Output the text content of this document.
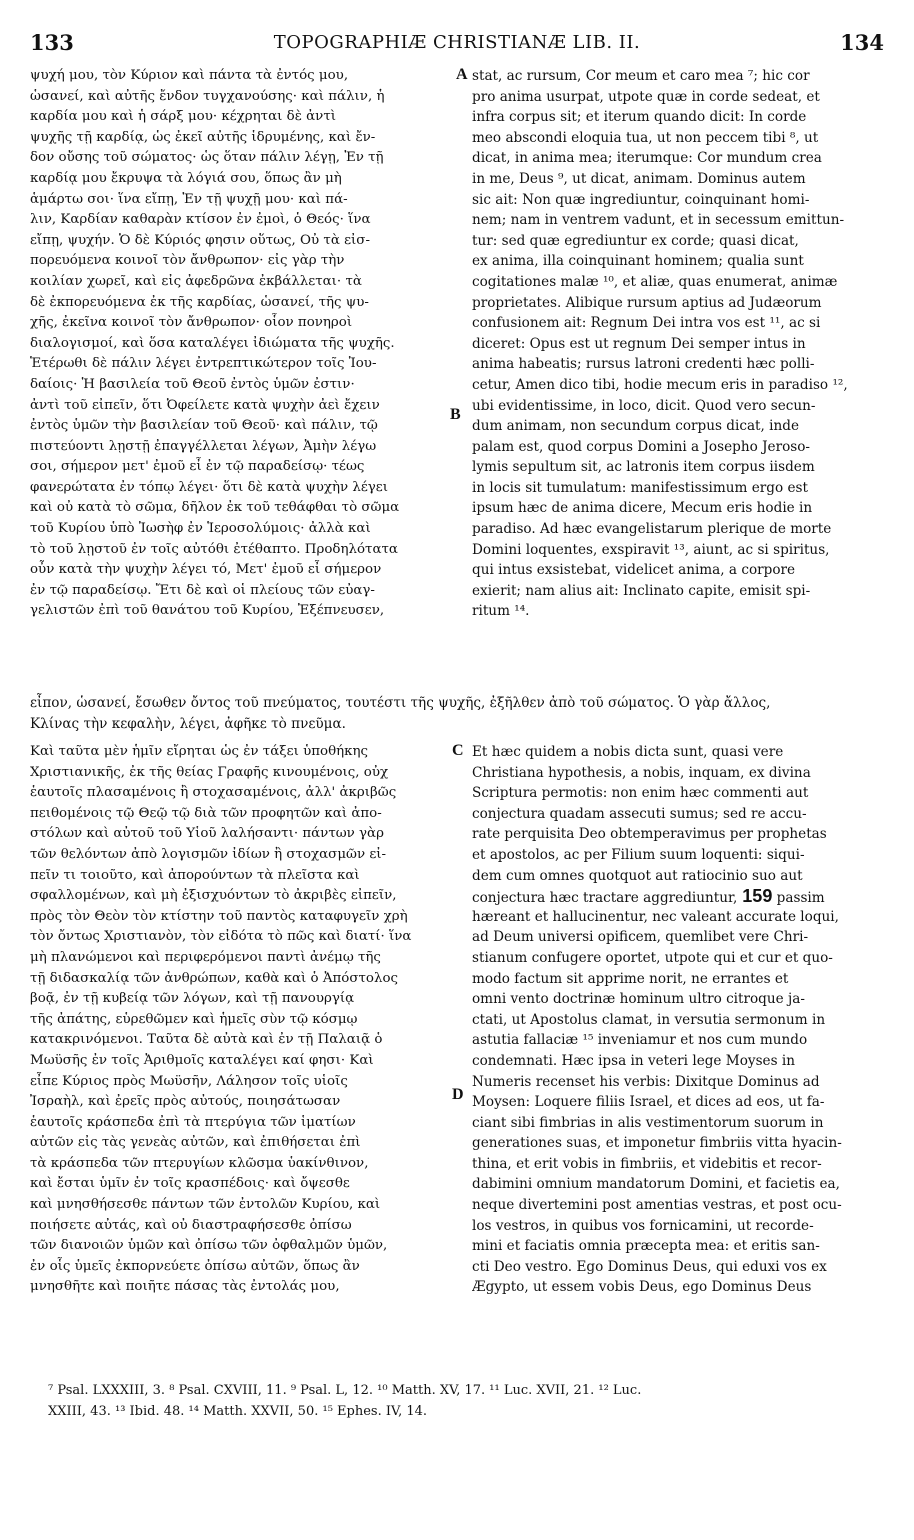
133	TOPOGRAPHIÆ CHRISTIANÆ LIB. II.	134
ψυχή μου, τὸν Κύριον καὶ πάντα τὰ ἐντός μου,
ὡσανεί, καὶ αὐτῆς ἔνδον τυγχανούσης· καὶ πάλιν, ἡ
καρδία μου καὶ ἡ σάρξ μου· κέχρηται δὲ ἀντὶ
ψυχῆς τῇ καρδίᾳ, ὡς ἐκεῖ αὐτῆς ἱδρυμένης, καὶ ἔν-
δον οὔσης τοῦ σώματος· ὡς ὅταν πάλιν λέγῃ, Ἐν τῇ
καρδίᾳ μου ἔκρυψα τὰ λόγιά σου, ὅπως ἂν μὴ
ἁμάρτω σοι· ἵνα εἴπῃ, Ἐν τῇ ψυχῇ μου· καὶ πά-
λιν, Καρδίαν καθαρὰν κτίσον ἐν ἐμοὶ, ὁ Θεός· ἵνα
εἴπῃ, ψυχήν. Ὁ δὲ Κύριός φησιν οὕτως, Οὐ τὰ εἰσ-
πορευόμενα κοινοῖ τὸν ἄνθρωπον· εἰς γὰρ τὴν
κοιλίαν χωρεῖ, καὶ εἰς ἀφεδρῶνα ἐκβάλλεται· τὰ
δὲ ἐκπορευόμενα ἐκ τῆς καρδίας, ὡσανεί, τῆς ψυ-
χῆς, ἐκεῖνα κοινοῖ τὸν ἄνθρωπον· οἷον πονηροὶ
διαλογισμοί, καὶ ὅσα καταλέγει ἰδιώματα τῆς ψυχῆς.
Ἑτέρωθι δὲ πάλιν λέγει ἐντρεπτικώτερον τοῖς Ἰου-
δαίοις· Ἡ βασιλεία τοῦ Θεοῦ ἐντὸς ὑμῶν ἐστιν·
ἀντὶ τοῦ εἰπεῖν, ὅτι Ὀφείλετε κατὰ ψυχὴν ἀεὶ ἔχειν
ἐντὸς ὑμῶν τὴν βασιλείαν τοῦ Θεοῦ· καὶ πάλιν, τῷ
πιστεύοντι λῃστῇ ἐπαγγέλλεται λέγων, Ἀμὴν λέγω
σοι, σήμερον μετ' ἐμοῦ εἶ ἐν τῷ παραδείσῳ· τέως
φανερώτατα ἐν τόπῳ λέγει· ὅτι δὲ κατὰ ψυχὴν λέγει
καὶ οὐ κατὰ τὸ σῶμα, δῆλον ἐκ τοῦ τεθάφθαι τὸ σῶμα
τοῦ Κυρίου ὑπὸ Ἰωσὴφ ἐν Ἱεροσολύμοις· ἀλλὰ καὶ
τὸ τοῦ λῃστοῦ ἐν τοῖς αὐτόθι ἐτέθαπτο. Προδηλότατα
οὖν κατὰ τὴν ψυχὴν λέγει τό, Μετ' ἐμοῦ εἶ σήμερον
ἐν τῷ παραδείσῳ. Ἔτι δὲ καὶ οἱ πλείους τῶν εὐαγ-
γελιστῶν ἐπὶ τοῦ θανάτου τοῦ Κυρίου, Ἐξέπνευσεν,
stat, ac rursum, Cor meum et caro mea ⁷; hic cor
pro anima usurpat, utpote quæ in corde sedeat, et
infra corpus sit; et iterum quando dicit: In corde
meo abscondi eloquia tua, ut non peccem tibi ⁸, ut
dicat, in anima mea; iterumque: Cor mundum crea
in me, Deus ⁹, ut dicat, animam. Dominus autem
sic ait: Non quæ ingrediuntur, coinquinant homi-
nem; nam in ventrem vadunt, et in secessum emittun-
tur: sed quæ egrediuntur ex corde; quasi dicat,
ex anima, illa coinquinant hominem; qualia sunt
cogitationes malæ ¹⁰, et aliæ, quas enumerat, animæ
proprietates. Alibique rursum aptius ad Judæorum
confusionem ait: Regnum Dei intra vos est ¹¹, ac si
diceret: Opus est ut regnum Dei semper intus in
anima habeatis; rursus latroni credenti hæc polli-
cetur, Amen dico tibi, hodie mecum eris in paradiso ¹²,
ubi evidentissime, in loco, dicit. Quod vero secun-
dum animam, non secundum corpus dicat, inde
palam est, quod corpus Domini a Josepho Jeroso-
lymis sepultum sit, ac latronis item corpus iisdem
in locis sit tumulatum: manifestissimum ergo est
ipsum hæc de anima dicere, Mecum eris hodie in
paradiso. Ad hæc evangelistarum plerique de morte
Domini loquentes, exspiravit ¹³, aiunt, ac si spiritus,
qui intus exsistebat, videlicet anima, a corpore
exierit; nam alius ait: Inclinato capite, emisit spi-
ritum ¹⁴.
A
B
C
D
εἶπον, ὡσανεί, ἔσωθεν ὄντος τοῦ πνεύματος, τουτέστι τῆς ψυχῆς, ἐξῆλθεν ἀπὸ τοῦ σώματος. Ὁ γὰρ ἄλλος,
Κλίνας τὴν κεφαλὴν, λέγει, ἀφῆκε τὸ πνεῦμα.
Καὶ ταῦτα μὲν ἡμῖν εἴρηται ὡς ἐν τάξει ὑποθήκης
Χριστιανικῆς, ἐκ τῆς θείας Γραφῆς κινουμένοις, οὐχ
ἑαυτοῖς πλασαμένοις ἢ στοχασαμένοις, ἀλλ' ἀκριβῶς
πειθομένοις τῷ Θεῷ τῷ διὰ τῶν προφητῶν καὶ ἀπο-
στόλων καὶ αὐτοῦ τοῦ Υἱοῦ λαλήσαντι· πάντων γὰρ
τῶν θελόντων ἀπὸ λογισμῶν ἰδίων ἢ στοχασμῶν εἰ-
πεῖν τι τοιοῦτο, καὶ ἀπορούντων τὰ πλεῖστα καὶ
σφαλλομένων, καὶ μὴ ἐξισχυόντων τὸ ἀκριβὲς εἰπεῖν,
πρὸς τὸν Θεὸν τὸν κτίστην τοῦ παντὸς καταφυγεῖν χρὴ
τὸν ὄντως Χριστιανὸν, τὸν εἰδότα τὸ πῶς καὶ διατί· ἵνα
μὴ πλανώμενοι καὶ περιφερόμενοι παντὶ ἀνέμῳ τῆς
τῇ διδασκαλίᾳ τῶν ἀνθρώπων, καθὰ καὶ ὁ Ἀπόστολος
βοᾷ, ἐν τῇ κυβείᾳ τῶν λόγων, καὶ τῇ πανουργίᾳ
τῆς ἀπάτης, εὑρεθῶμεν καὶ ἡμεῖς σὺν τῷ κόσμῳ
κατακρινόμενοι. Ταῦτα δὲ αὐτὰ καὶ ἐν τῇ Παλαιᾷ ὁ
Μωϋσῆς ἐν τοῖς Ἀριθμοῖς καταλέγει καί φησι· Καὶ
εἶπε Κύριος πρὸς Μωϋσῆν, Λάλησον τοῖς υἱοῖς
Ἰσραὴλ, καὶ ἐρεῖς πρὸς αὐτούς, ποιησάτωσαν
ἑαυτοῖς κράσπεδα ἐπὶ τὰ πτερύγια τῶν ἱματίων
αὐτῶν εἰς τὰς γενεὰς αὐτῶν, καὶ ἐπιθήσεται ἐπὶ
τὰ κράσπεδα τῶν πτερυγίων κλῶσμα ὑακίνθινον,
καὶ ἔσται ὑμῖν ἐν τοῖς κρασπέδοις· καὶ ὄψεσθε
καὶ μνησθήσεσθε πάντων τῶν ἐντολῶν Κυρίου, καὶ
ποιήσετε αὐτάς, καὶ οὐ διαστραφήσεσθε ὀπίσω
τῶν διανοιῶν ὑμῶν καὶ ὀπίσω τῶν ὀφθαλμῶν ὑμῶν,
ἐν οἷς ὑμεῖς ἐκπορνεύετε ὀπίσω αὐτῶν, ὅπως ἂν
μνησθῆτε καὶ ποιῆτε πάσας τὰς ἐντολάς μου,
Et hæc quidem a nobis dicta sunt, quasi vere
Christiana hypothesis, a nobis, inquam, ex divina
Scriptura permotis: non enim hæc commenti aut
conjectura quadam assecuti sumus; sed re accu-
rate perquisita Deo obtemperavimus per prophetas
et apostolos, ac per Filium suum loquenti: siqui-
dem cum omnes quotquot aut ratiocinio suo aut
conjectura hæc tractare aggrediuntur, 159 passim
hæreant et hallucinentur, nec valeant accurate loqui,
ad Deum universi opificem, quemlibet vere Chri-
stianum confugere oportet, utpote qui et cur et quo-
modo factum sit apprime norit, ne errantes et
omni vento doctrinæ hominum ultro citroque ja-
ctati, ut Apostolus clamat, in versutia sermonum in
astutia fallaciæ ¹⁵ inveniamur et nos cum mundo
condemnati. Hæc ipsa in veteri lege Moyses in
Numeris recenset his verbis: Dixitque Dominus ad
Moysen: Loquere filiis Israel, et dices ad eos, ut fa-
ciant sibi fimbrias in alis vestimentorum suorum in
generationes suas, et imponetur fimbriis vitta hyacin-
thina, et erit vobis in fimbriis, et videbitis et recor-
dabimini omnium mandatorum Domini, et facietis ea,
neque divertemini post amentias vestras, et post ocu-
los vestros, in quibus vos fornicamini, ut recorde-
mini et faciatis omnia præcepta mea: et eritis san-
cti Deo vestro. Ego Dominus Deus, qui eduxi vos ex
Ægypto, ut essem vobis Deus, ego Dominus Deus
⁷ Psal. LXXXIII, 3. ⁸ Psal. CXVIII, 11. ⁹ Psal. L, 12. ¹⁰ Matth. XV, 17. ¹¹ Luc. XVII, 21. ¹² Luc.
XXIII, 43. ¹³ Ibid. 48. ¹⁴ Matth. XXVII, 50. ¹⁵ Ephes. IV, 14.
